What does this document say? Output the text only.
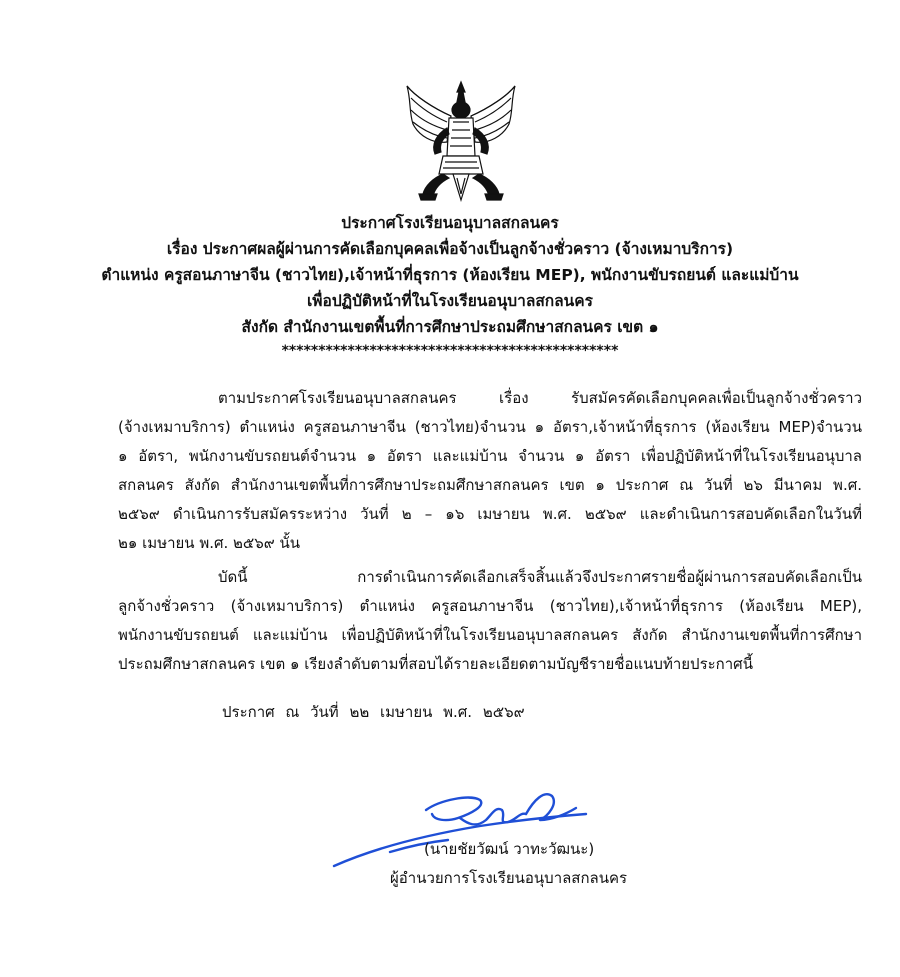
ประกาศโรงเรียนอนุบาลสกลนคร
เรื่อง ประกาศผลผู้ผ่านการคัดเลือกบุคคลเพื่อจ้างเป็นลูกจ้างชั่วคราว (จ้างเหมาบริการ)
ตำแหน่ง ครูสอนภาษาจีน (ชาวไทย),เจ้าหน้าที่ธุรการ (ห้องเรียน MEP), พนักงานขับรถยนต์ และแม่บ้าน
เพื่อปฏิบัติหน้าที่ในโรงเรียนอนุบาลสกลนคร
สังกัด สำนักงานเขตพื้นที่การศึกษาประถมศึกษาสกลนคร เขต ๑
**********************************************
ตามประกาศโรงเรียนอนุบาลสกลนคร เรื่อง รับสมัครคัดเลือกบุคคลเพื่อเป็นลูกจ้างชั่วคราว
(จ้างเหมาบริการ) ตำแหน่ง ครูสอนภาษาจีน (ชาวไทย)จำนวน ๑ อัตรา,เจ้าหน้าที่ธุรการ (ห้องเรียน MEP)จำนวน
๑ อัตรา, พนักงานขับรถยนต์จำนวน ๑ อัตรา และแม่บ้าน จำนวน ๑ อัตรา เพื่อปฏิบัติหน้าที่ในโรงเรียนอนุบาล
สกลนคร สังกัด สำนักงานเขตพื้นที่การศึกษาประถมศึกษาสกลนคร เขต ๑ ประกาศ ณ วันที่ ๒๖ มีนาคม พ.ศ.
๒๕๖๙ ดำเนินการรับสมัครระหว่าง วันที่ ๒ – ๑๖ เมษายน พ.ศ. ๒๕๖๙ และดำเนินการสอบคัดเลือกในวันที่
๒๑ เมษายน พ.ศ. ๒๕๖๙ นั้น
บัดนี้ การดำเนินการคัดเลือกเสร็จสิ้นแล้วจึงประกาศรายชื่อผู้ผ่านการสอบคัดเลือกเป็น
ลูกจ้างชั่วคราว (จ้างเหมาบริการ) ตำแหน่ง ครูสอนภาษาจีน (ชาวไทย),เจ้าหน้าที่ธุรการ (ห้องเรียน MEP),
พนักงานขับรถยนต์ และแม่บ้าน เพื่อปฏิบัติหน้าที่ในโรงเรียนอนุบาลสกลนคร สังกัด สำนักงานเขตพื้นที่การศึกษา
ประถมศึกษาสกลนคร เขต ๑ เรียงลำดับตามที่สอบได้รายละเอียดตามบัญชีรายชื่อแนบท้ายประกาศนี้
ประกาศ ณ วันที่ ๒๒ เมษายน พ.ศ. ๒๕๖๙
(นายชัยวัฒน์ วาทะวัฒนะ)
ผู้อำนวยการโรงเรียนอนุบาลสกลนคร
